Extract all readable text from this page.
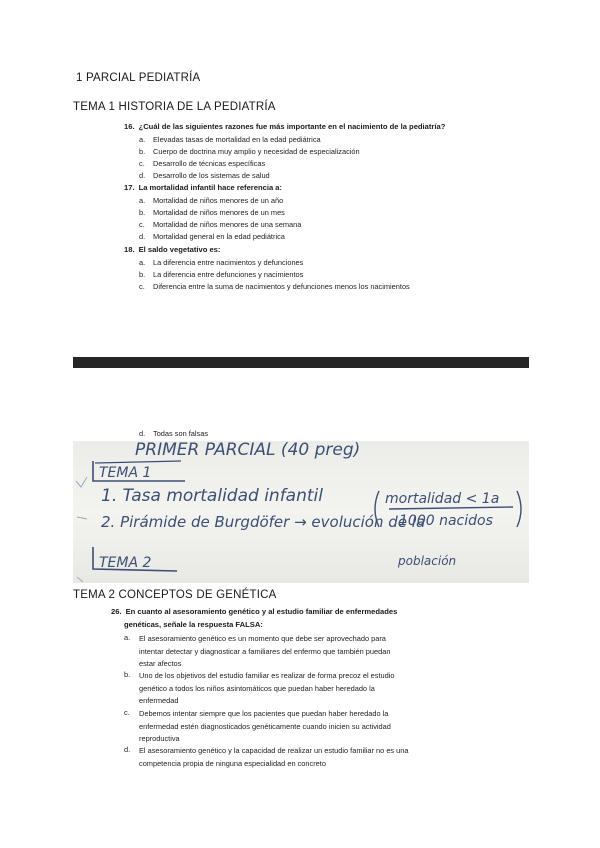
1 PARCIAL PEDIATRÍA
TEMA 1 HISTORIA DE LA PEDIATRÍA
16. ¿Cuál de las siguientes razones fue más importante en el nacimiento de la pediatría?
a. Elevadas tasas de mortalidad en la edad pediátrica
b. Cuerpo de doctrina muy amplio y necesidad de especialización
c. Desarrollo de técnicas específicas
d. Desarrollo de los sistemas de salud
17. La mortalidad infantil hace referencia a:
a. Mortalidad de niños menores de un año
b. Mortalidad de niños menores de un mes
c. Mortalidad de niños menores de una semana
d. Mortalidad general en la edad pediátrica
18. El saldo vegetativo es:
a. La diferencia entre nacimientos y defunciones
b. La diferencia entre defunciones y nacimientos
c. Diferencia entre la suma de nacimientos y defunciones menos los nacimientos
d. Todas son falsas
PRIMER PARCIAL (40 preg)
TEMA 1
1. Tasa mortalidad infantil	mortalidad < 1a
1000 nacidos
2. Pirámide de Burgdöfer → evolución de la
población
TEMA 2
TEMA 2 CONCEPTOS DE GENÉTICA
26. En cuanto al asesoramiento genético y al estudio familiar de enfermedades
genéticas, señale la respuesta FALSA:
a.	El asesoramiento genético es un momento que debe ser aprovechado para
intentar detectar y diagnosticar a familiares del enfermo que también puedan
estar afectos
b.	Uno de los objetivos del estudio familiar es realizar de forma precoz el estudio
genético a todos los niños asintomáticos que puedan haber heredado la
enfermedad
c.	Debemos intentar siempre que los pacientes que puedan haber heredado la
enfermedad estén diagnosticados genéticamente cuando inicien su actividad
reproductiva
d.	El asesoramiento genético y la capacidad de realizar un estudio familiar no es una
competencia propia de ninguna especialidad en concreto
